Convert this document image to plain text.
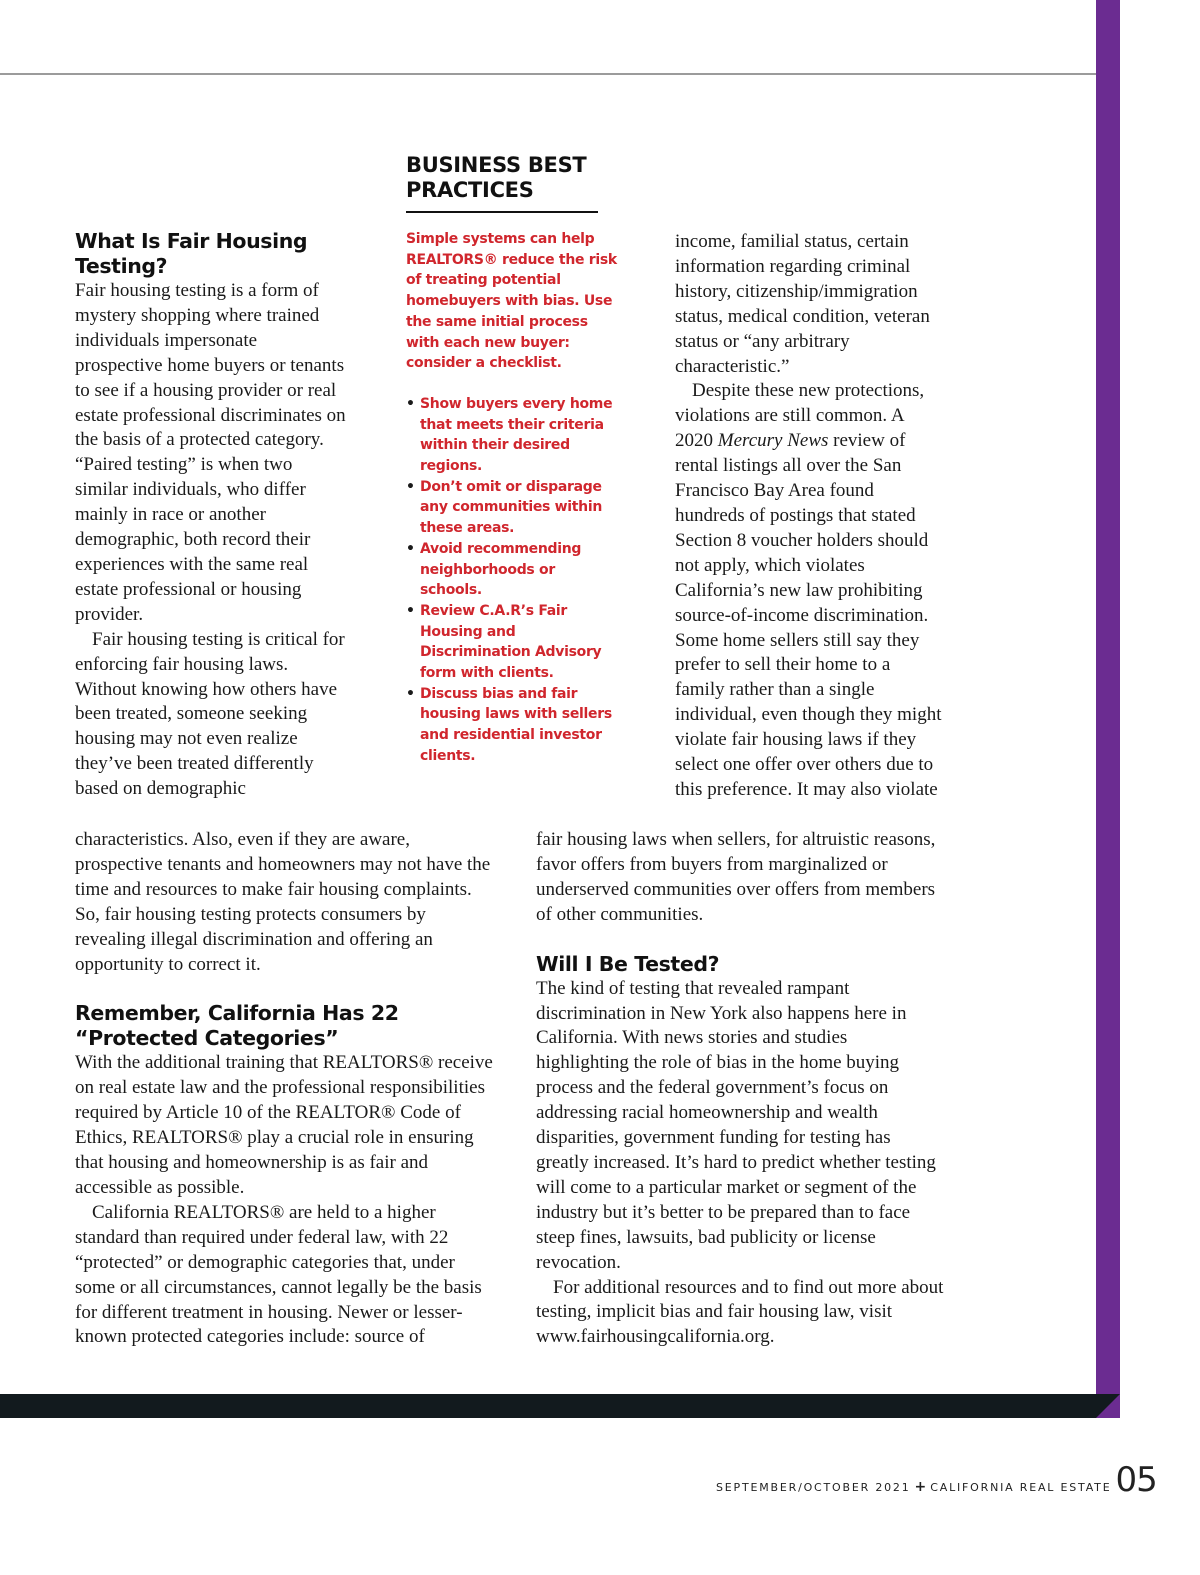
BUSINESS BEST
PRACTICES

Simple systems can help REALTORS® reduce the risk of treating potential homebuyers with bias. Use the same initial process with each new buyer: consider a checklist.

• Show buyers every home that meets their criteria within their desired regions.
• Don’t omit or disparage any communities within these areas.
• Avoid recommending neighborhoods or schools.
• Review C.A.R’s Fair Housing and Discrimination Advisory form with clients.
• Discuss bias and fair housing laws with sellers and residential investor clients.
What Is Fair Housing Testing?

Fair housing testing is a form of mystery shopping where trained individuals impersonate prospective home buyers or tenants to see if a housing provider or real estate professional discriminates on the basis of a protected category. “Paired testing” is when two similar individuals, who differ mainly in race or another demographic, both record their experiences with the same real estate professional or housing provider.

Fair housing testing is critical for enforcing fair housing laws. Without knowing how others have been treated, someone seeking housing may not even realize they’ve been treated differently based on demographic

characteristics. Also, even if they are aware, prospective tenants and homeowners may not have the time and resources to make fair housing complaints. So, fair housing testing protects consumers by revealing illegal discrimination and offering an opportunity to correct it.

Remember, California Has 22
“Protected Categories”

With the additional training that REALTORS® receive on real estate law and the professional responsibilities required by Article 10 of the REALTOR® Code of Ethics, REALTORS® play a crucial role in ensuring that housing and homeownership is as fair and accessible as possible.

California REALTORS® are held to a higher standard than required under federal law, with 22 “protected” or demographic categories that, under some or all circumstances, cannot legally be the basis for different treatment in housing. Newer or lesser-known protected categories include: source of

income, familial status, certain information regarding criminal history, citizenship/immigration status, medical condition, veteran status or “any arbitrary characteristic.”

Despite these new protections, violations are still common. A 2020 Mercury News review of rental listings all over the San Francisco Bay Area found hundreds of postings that stated Section 8 voucher holders should not apply, which violates California’s new law prohibiting source-of-income discrimination. Some home sellers still say they prefer to sell their home to a family rather than a single individual, even though they might violate fair housing laws if they select one offer over others due to this preference. It may also violate

fair housing laws when sellers, for altruistic reasons, favor offers from buyers from marginalized or underserved communities over offers from members of other communities.

Will I Be Tested?

The kind of testing that revealed rampant discrimination in New York also happens here in California. With news stories and studies highlighting the role of bias in the home buying process and the federal government’s focus on addressing racial homeownership and wealth disparities, government funding for testing has greatly increased. It’s hard to predict whether testing will come to a particular market or segment of the industry but it’s better to be prepared than to face steep fines, lawsuits, bad publicity or license revocation.

For additional resources and to find out more about testing, implicit bias and fair housing law, visit www.fairhousingcalifornia.org.

SEPTEMBER/OCTOBER 2021 + CALIFORNIA REAL ESTATE 05
